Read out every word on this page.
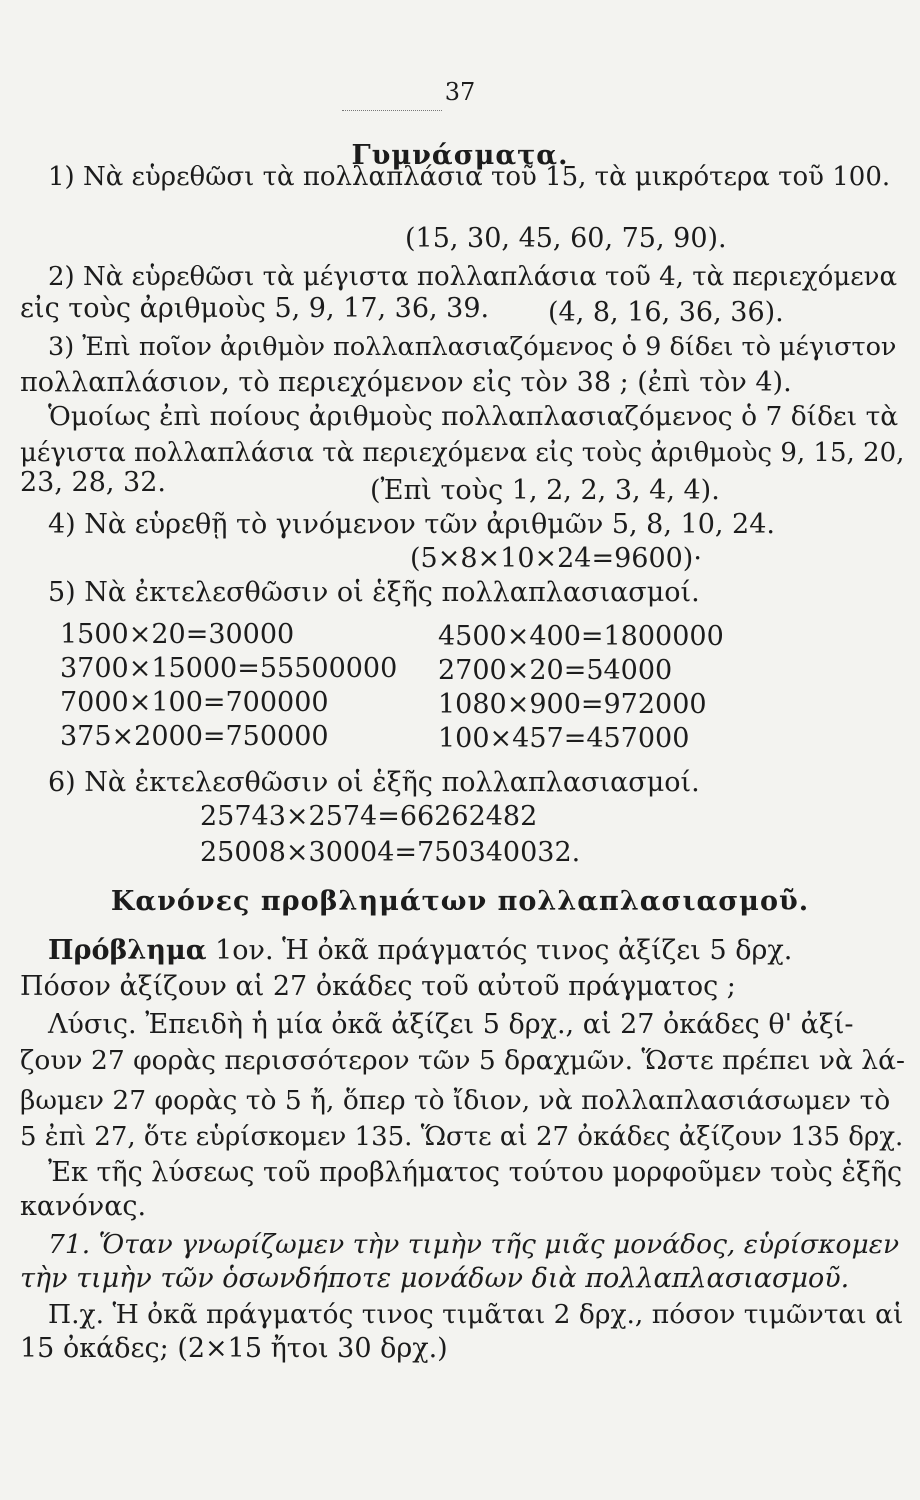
37
Γυμνάσματα.
1) Νὰ εὑρεθῶσι τὰ πολλαπλάσια τοῦ 15, τὰ μικρότερα τοῦ 100.
(15, 30, 45, 60, 75, 90).
2) Νὰ εὑρεθῶσι τὰ μέγιστα πολλαπλάσια τοῦ 4, τὰ περιεχόμενα
εἰς τοὺς ἀριθμοὺς 5, 9, 17, 36, 39. (4, 8, 16, 36, 36).
3) Ἐπὶ ποῖον ἀριθμὸν πολλαπλασιαζόμενος ὁ 9 δίδει τὸ μέγιστον
πολλαπλάσιον, τὸ περιεχόμενον εἰς τὸν 38 ; (ἐπὶ τὸν 4).
Ὁμοίως ἐπὶ ποίους ἀριθμοὺς πολλαπλασιαζόμενος ὁ 7 δίδει τὰ
μέγιστα πολλαπλάσια τὰ περιεχόμενα εἰς τοὺς ἀριθμοὺς 9, 15, 20,
23, 28, 32.	(Ἐπὶ τοὺς 1, 2, 2, 3, 4, 4).
4) Νὰ εὑρεθῇ τὸ γινόμενον τῶν ἀριθμῶν 5, 8, 10, 24.
(5×8×10×24=9600)·
5) Νὰ ἐκτελεσθῶσιν οἱ ἑξῆς πολλαπλασιασμοί.
1500×20=30000
3700×15000=55500000
7000×100=700000
375×2000=750000
4500×400=1800000
2700×20=54000
1080×900=972000
100×457=457000
6) Νὰ ἐκτελεσθῶσιν οἱ ἑξῆς πολλαπλασιασμοί.
25743×2574=66262482
25008×30004=750340032.
Κανόνες προβλημάτων πολλαπλασιασμοῦ.
Πρόβλημα 1ον. Ἡ ὀκᾶ πράγματός τινος ἀξίζει 5 δρχ.
Πόσον ἀξίζουν αἱ 27 ὀκάδες τοῦ αὐτοῦ πράγματος ;
Λύσις. Ἐπειδὴ ἡ μία ὀκᾶ ἀξίζει 5 δρχ., αἱ 27 ὀκάδες θ' ἀξί-
ζουν 27 φορὰς περισσότερον τῶν 5 δραχμῶν. Ὥστε πρέπει νὰ λά-
βωμεν 27 φορὰς τὸ 5 ἤ, ὅπερ τὸ ἴδιον, νὰ πολλαπλασιάσωμεν τὸ
5 ἐπὶ 27, ὅτε εὑρίσκομεν 135. Ὥστε αἱ 27 ὀκάδες ἀξίζουν 135 δρχ.
Ἐκ τῆς λύσεως τοῦ προβλήματος τούτου μορφοῦμεν τοὺς ἑξῆς
κανόνας.
71. Ὅταν γνωρίζωμεν τὴν τιμὴν τῆς μιᾶς μονάδος, εὑρίσκομεν
τὴν τιμὴν τῶν ὁσωνδήποτε μονάδων διὰ πολλαπλασιασμοῦ.
Π.χ. Ἡ ὀκᾶ πράγματός τινος τιμᾶται 2 δρχ., πόσον τιμῶνται αἱ
15 ὀκάδες; (2×15 ἤτοι 30 δρχ.)
